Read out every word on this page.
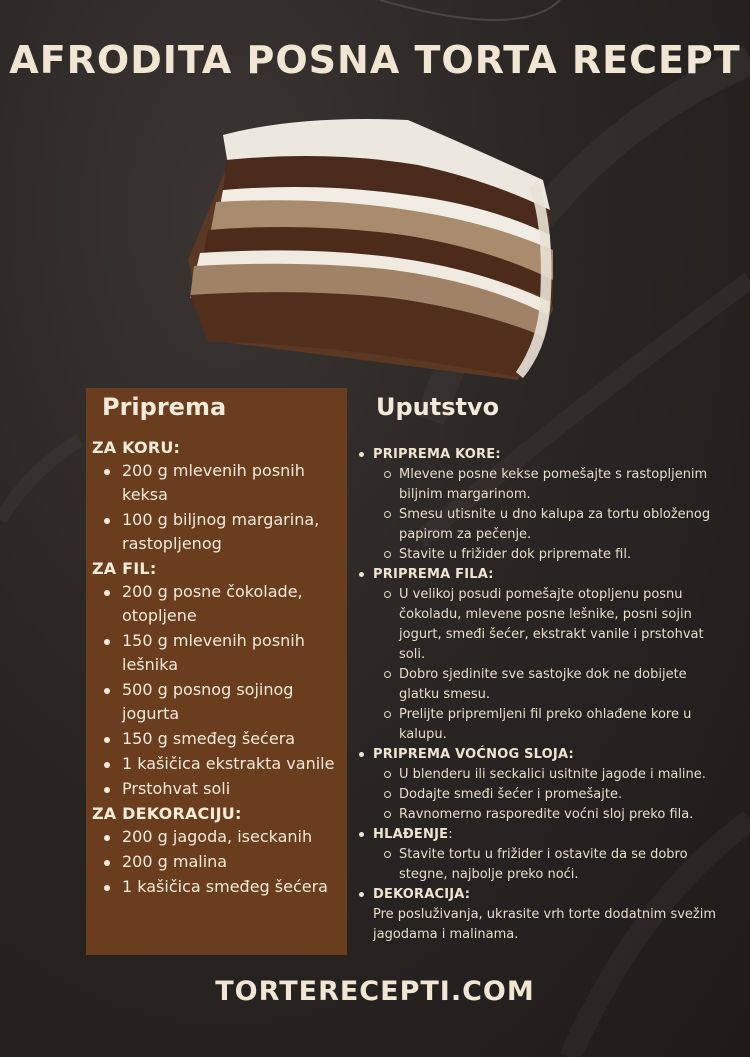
AFRODITA POSNA TORTA RECEPT
Priprema
ZA KORU:
200 g mlevenih posnih keksa
100 g biljnog margarina, rastopljenog
ZA FIL:
200 g posne čokolade, otopljene
150 g mlevenih posnih lešnika
500 g posnog sojinog jogurta
150 g smeđeg šećera
1 kašičica ekstrakta vanile
Prstohvat soli
ZA DEKORACIJU:
200 g jagoda, iseckanih
200 g malina
1 kašičica smeđeg šećera
Uputstvo
PRIPREMA KORE:
Mlevene posne kekse pomešajte s rastopljenim biljnim margarinom.
Smesu utisnite u dno kalupa za tortu obloženog papirom za pečenje.
Stavite u frižider dok pripremate fil.
PRIPREMA FILA:
U velikoj posudi pomešajte otopljenu posnu čokoladu, mlevene posne lešnike, posni sojin jogurt, smeđi šećer, ekstrakt vanile i prstohvat soli.
Dobro sjedinite sve sastojke dok ne dobijete glatku smesu.
Prelijte pripremljeni fil preko ohlađene kore u kalupu.
PRIPREMA VOĆNOG SLOJA:
U blenderu ili seckalici usitnite jagode i maline.
Dodajte smeđi šećer i promešajte.
Ravnomerno rasporedite voćni sloj preko fila.
HLAĐENJE:
Stavite tortu u frižider i ostavite da se dobro stegne, najbolje preko noći.
DEKORACIJA:
Pre posluživanja, ukrasite vrh torte dodatnim svežim jagodama i malinama.
TORTERECEPTI.COM
